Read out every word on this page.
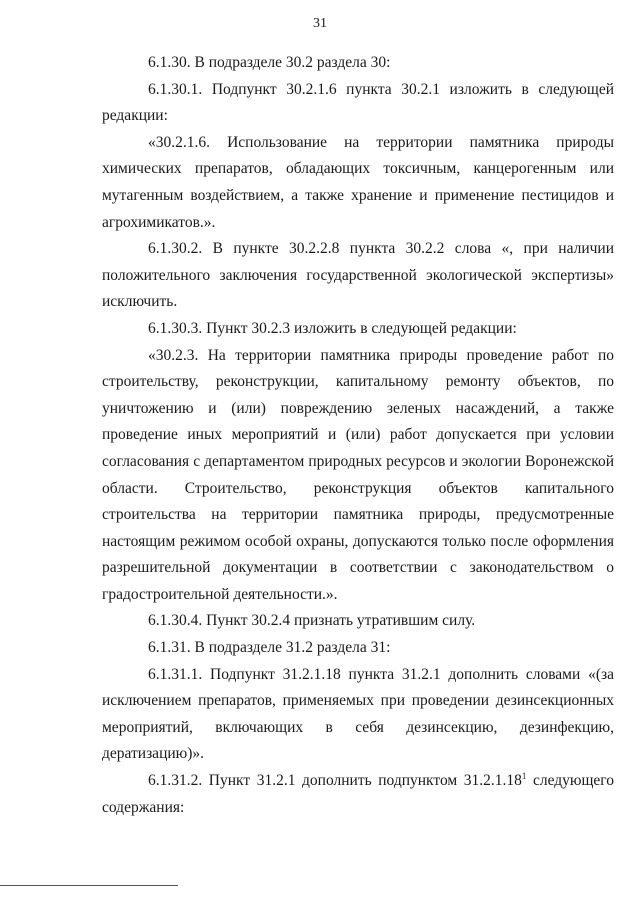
31

6.1.30. В подразделе 30.2 раздела 30:

6.1.30.1. Подпункт 30.2.1.6 пункта 30.2.1 изложить в следующей редакции:

«30.2.1.6. Использование на территории памятника природы химических препаратов, обладающих токсичным, канцерогенным или мутагенным воздействием, а также хранение и применение пестицидов и агрохимикатов.».

6.1.30.2. В пункте 30.2.2.8 пункта 30.2.2 слова «, при наличии положительного заключения государственной экологической экспертизы» исключить.

6.1.30.3. Пункт 30.2.3 изложить в следующей редакции:

«30.2.3. На территории памятника природы проведение работ по строительству, реконструкции, капитальному ремонту объектов, по уничтожению и (или) повреждению зеленых насаждений, а также проведение иных мероприятий и (или) работ допускается при условии согласования с департаментом природных ресурсов и экологии Воронежской области. Строительство, реконструкция объектов капитального строительства на территории памятника природы, предусмотренные настоящим режимом особой охраны, допускаются только после оформления разрешительной документации в соответствии с законодательством о градостроительной деятельности.».

6.1.30.4. Пункт 30.2.4 признать утратившим силу.

6.1.31. В подразделе 31.2 раздела 31:

6.1.31.1. Подпункт 31.2.1.18 пункта 31.2.1 дополнить словами «(за исключением препаратов, применяемых при проведении дезинсекционных мероприятий, включающих в себя дезинсекцию, дезинфекцию, дератизацию)».

6.1.31.2. Пункт 31.2.1 дополнить подпунктом 31.2.1.18$^1$ следующего содержания:
